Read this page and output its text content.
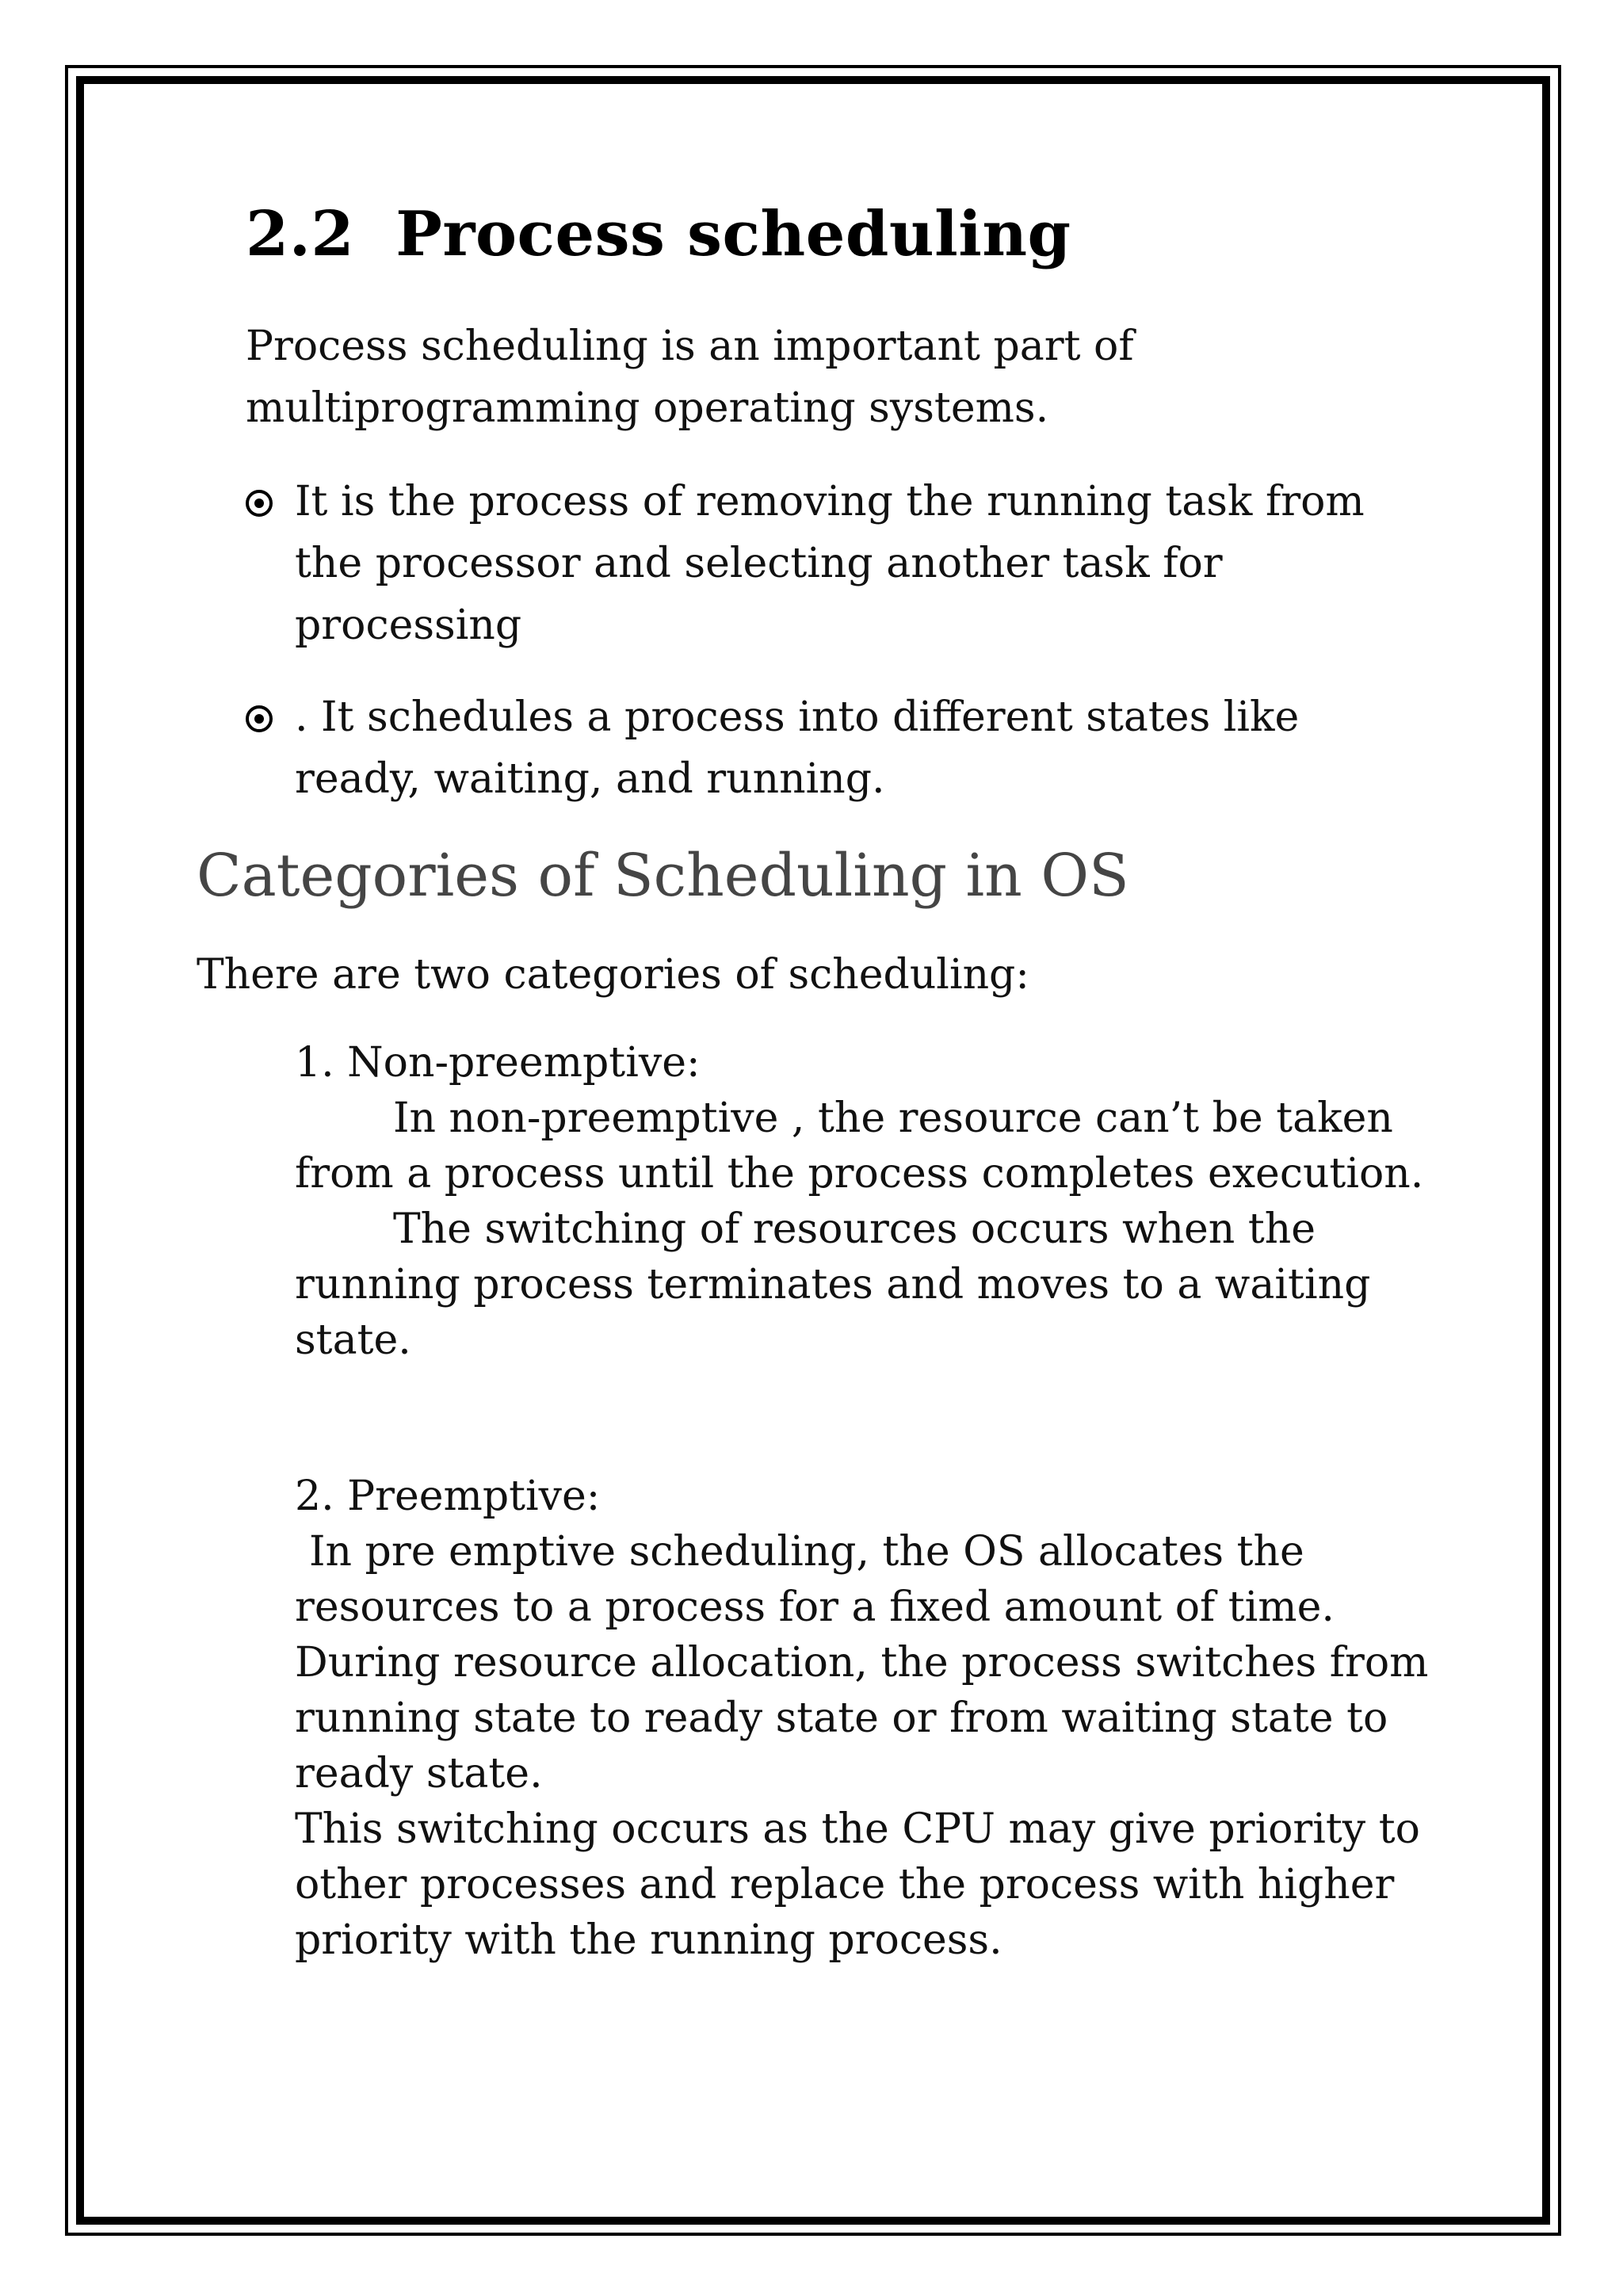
2.2 Process scheduling

Process scheduling is an important part of multiprogramming operating systems.

It is the process of removing the running task from the processor and selecting another task for processing
. It schedules a process into different states like ready, waiting, and running.
Categories of Scheduling in OS

There are two categories of scheduling:

1. Non-preemptive:

In non-preemptive , the resource can’t be taken from a process until the process completes execution.

The switching of resources occurs when the running process terminates and moves to a waiting state.

2. Preemptive:

In pre emptive scheduling, the OS allocates the resources to a process for a fixed amount of time. During resource allocation, the process switches from running state to ready state or from waiting state to ready state.

This switching occurs as the CPU may give priority to other processes and replace the process with higher priority with the running process.
